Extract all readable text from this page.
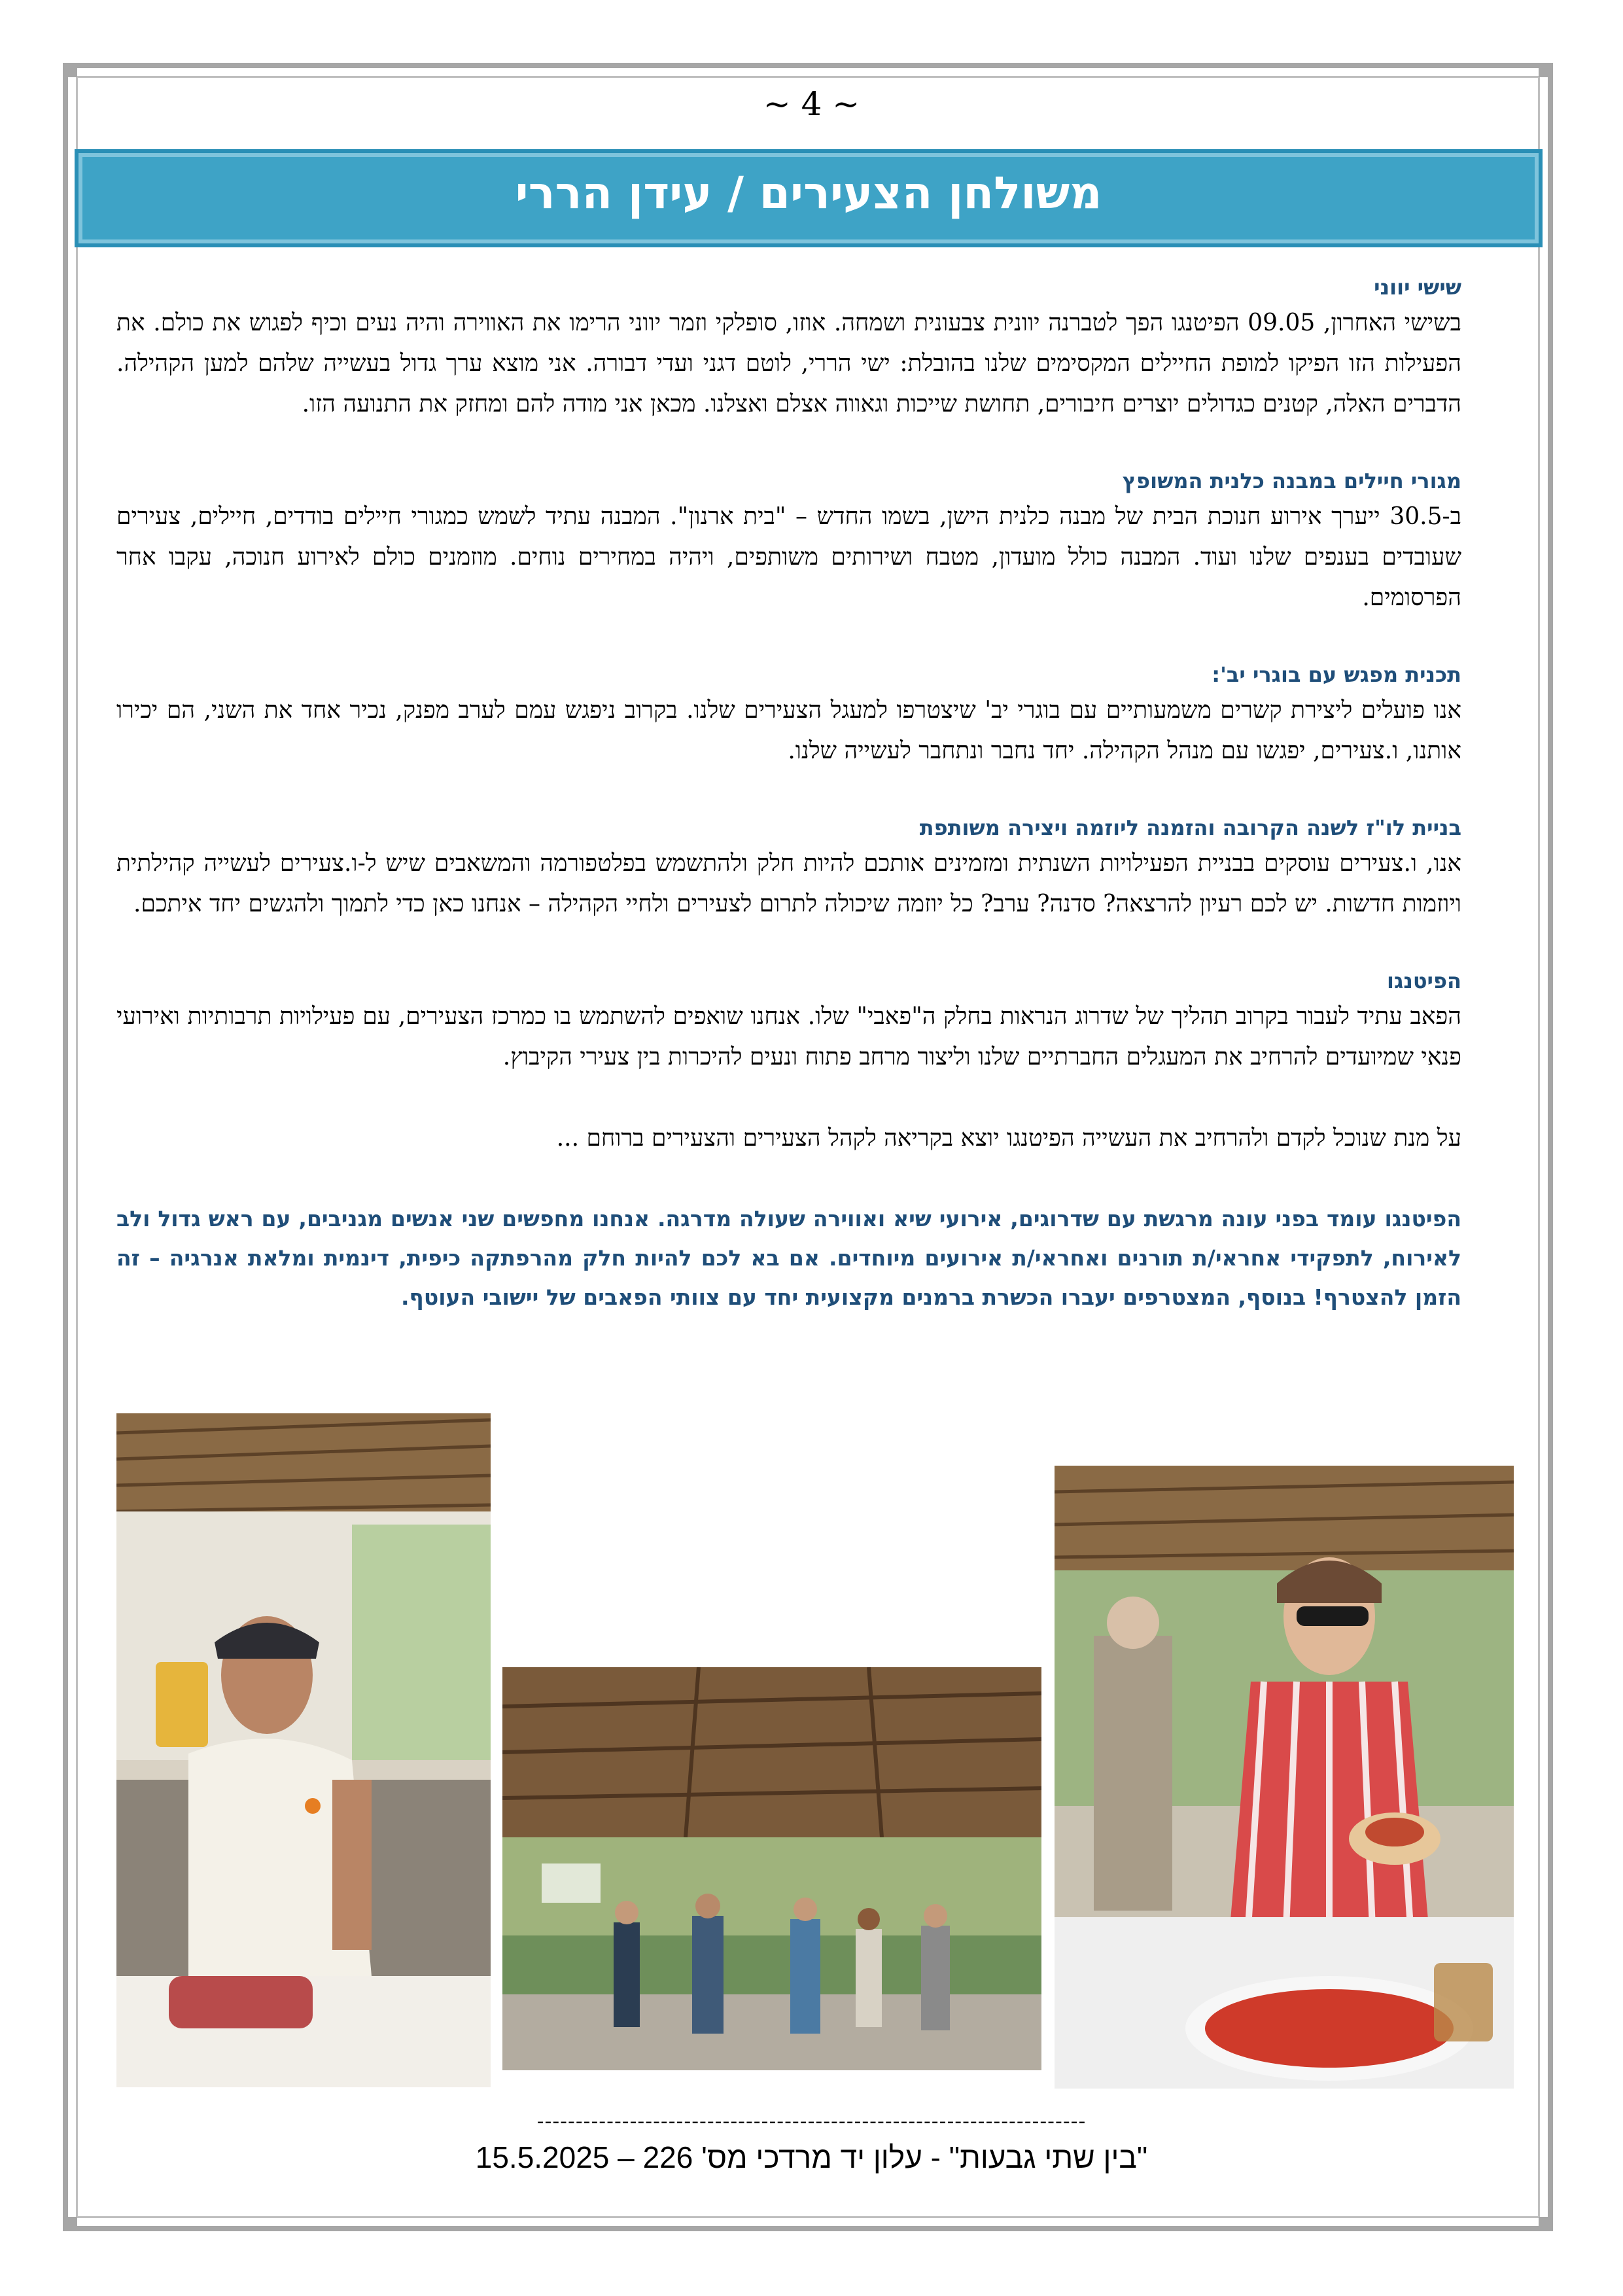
~ 4 ~
משולחן הצעירים / עידן הררי

שישי יווני

בשישי האחרון, 09.05 הפיטנגו הפך לטברנה יוונית צבעונית ושמחה. אוזו, סופלקי וזמר יווני הרימו את האווירה והיה נעים וכיף לפגוש את כולם. את הפעילות הזו הפיקו למופת החיילים המקסימים שלנו בהובלת: ישי הררי, לוטם דגני ועדי דבורה. אני מוצא ערך גדול בעשייה שלהם למען הקהילה. הדברים האלה, קטנים כגדולים יוצרים חיבורים, תחושת שייכות וגאווה אצלם ואצלנו. מכאן אני מודה להם ומחזק את התנועה הזו.

מגורי חיילים במבנה כלנית המשופץ

ב-30.5 ייערך אירוע חנוכת הבית של מבנה כלנית הישן, בשמו החדש – "בית ארנון". המבנה עתיד לשמש כמגורי חיילים בודדים, חיילים, צעירים שעובדים בענפים שלנו ועוד. המבנה כולל מועדון, מטבח ושירותים משותפים, ויהיה במחירים נוחים. מוזמנים כולם לאירוע חנוכה, עקבו אחר הפרסומים.

תכנית מפגש עם בוגרי יב':

אנו פועלים ליצירת קשרים משמעותיים עם בוגרי יב' שיצטרפו למעגל הצעירים שלנו. בקרוב ניפגש עמם לערב מפנק, נכיר אחד את השני, הם יכירו אותנו, ו.צעירים, יפגשו עם מנהל הקהילה. יחד נחבר ונתחבר לעשייה שלנו.

בניית לו"ז לשנה הקרובה והזמנה ליוזמה ויצירה משותפת

אנו, ו.צעירים עוסקים בבניית הפעילויות השנתית ומזמינים אותכם להיות חלק ולהתשמש בפלטפורמה והמשאבים שיש ל-ו.צעירים לעשייה קהילתית ויוזמות חדשות. יש לכם רעיון להרצאה? סדנה? ערב? כל יוזמה שיכולה לתרום לצעירים ולחיי הקהילה – אנחנו כאן כדי לתמוך ולהגשים יחד איתכם.

הפיטנגו

הפאב עתיד לעבור בקרוב תהליך של שדרוג הנראות בחלק ה"פאבי" שלו. אנחנו שואפים להשתמש בו כמרכז הצעירים, עם פעילויות תרבותיות ואירועי פנאי שמיועדים להרחיב את המעגלים החברתיים שלנו וליצור מרחב פתוח ונעים להיכרות בין צעירי הקיבוץ.

על מנת שנוכל לקדם ולהרחיב את העשייה הפיטנגו יוצא בקריאה לקהל הצעירים והצעירים ברוחם ...

הפיטנגו עומד בפני עונה מרגשת עם שדרוגים, אירועי שיא ואווירה שעולה מדרגה. אנחנו מחפשים שני אנשים מגניבים, עם ראש גדול ולב לאירוח, לתפקידי אחראי/ת תורנים ואחראי/ת אירועים מיוחדים. אם בא לכם להיות חלק מהרפתקה כיפית, דינמית ומלאת אנרגיה – זה הזמן להצטרף! בנוסף, המצטרפים יעברו הכשרת ברמנים מקצועית יחד עם צוותי הפאבים של יישובי העוטף.

-----------------------------------------------------------------------
"בין שתי גבעות" - עלון יד מרדכי מס' 226 – 15.5.2025
